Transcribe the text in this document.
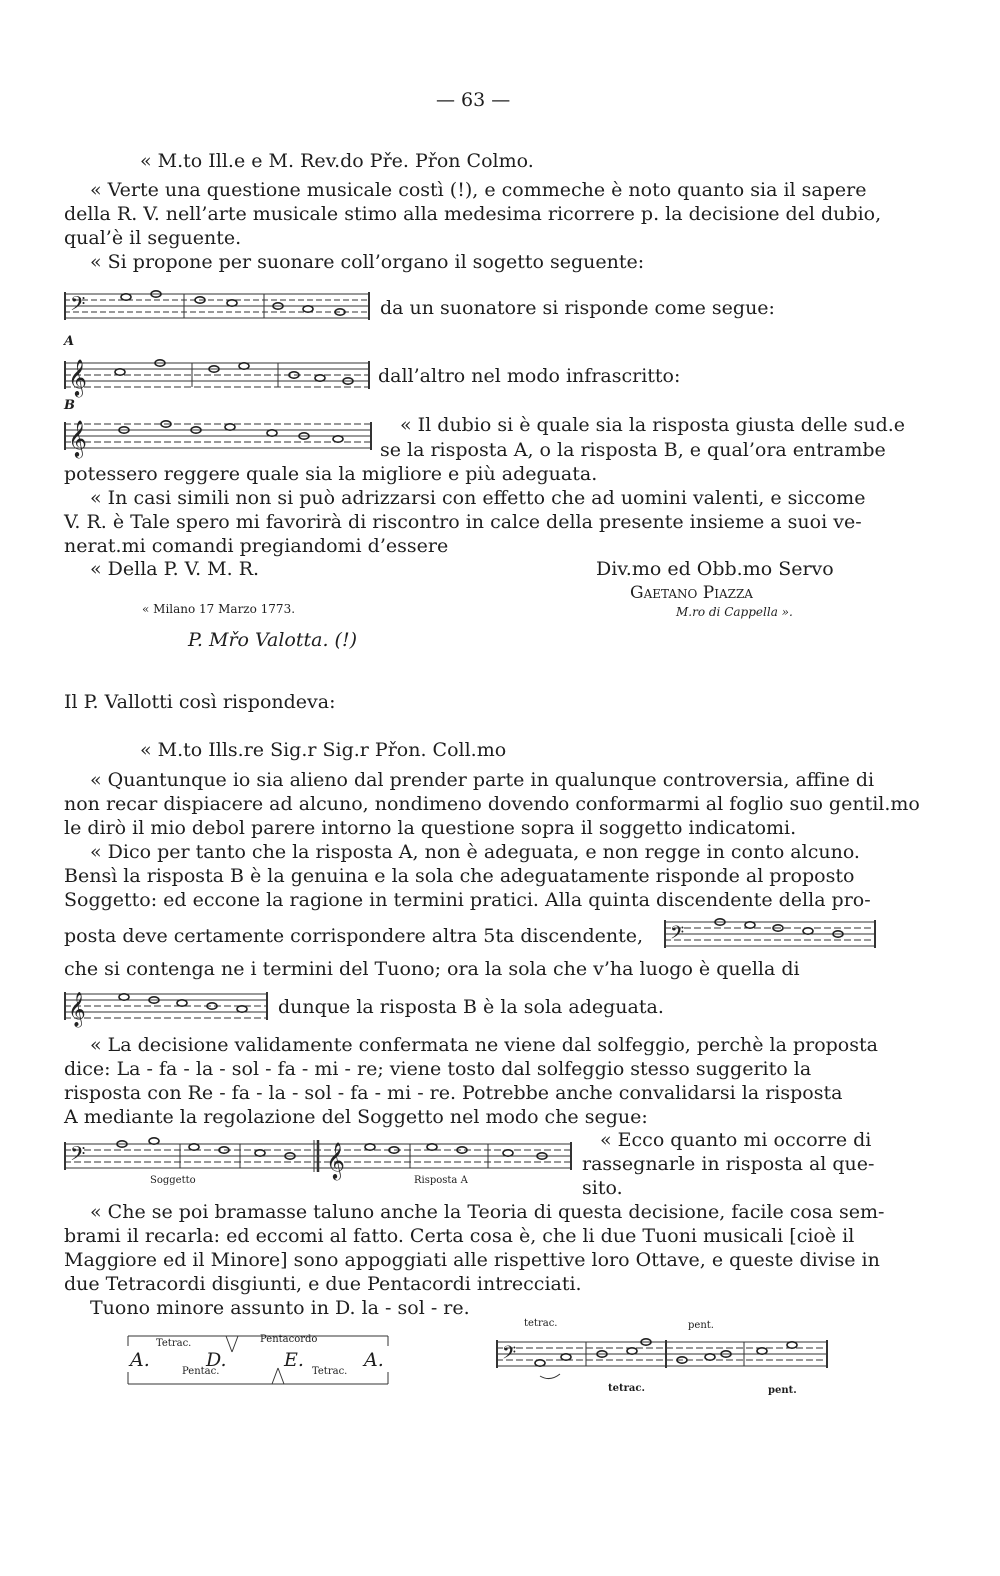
— 63 —
« M.to Ill.e e M. Rev.do Pře. Přon Colmo.
« Verte una questione musicale costì (!), e commeche è noto quanto sia il sapere
della R. V. nell’arte musicale stimo alla medesima ricorrere p. la decisione del dubio,
qual’è il seguente.
« Si propone per suonare coll’organo il sogetto seguente:
𝄢	da un suonatore si risponde come segue:
A
𝄞	dall’altro nel modo infrascritto:
B
𝄞	« Il dubio si è quale sia la risposta giusta delle sud.e
se la risposta A, o la risposta B, e qual’ora entrambe
potessero reggere quale sia la migliore e più adeguata.
« In casi simili non si può adrizzarsi con effetto che ad uomini valenti, e siccome
V. R. è Tale spero mi favorirà di riscontro in calce della presente insieme a suoi ve-
nerat.mi comandi pregiandomi d’essere
« Della P. V. M. R.	Div.mo ed Obb.mo Servo
Gaetano Piazza
« Milano 17 Marzo 1773.	M.ro di Cappella ».
P. Mřo Valotta. (!)
Il P. Vallotti così rispondeva:
« M.to Ills.re Sig.r Sig.r Přon. Coll.mo
« Quantunque io sia alieno dal prender parte in qualunque controversia, affine di
non recar dispiacere ad alcuno, nondimeno dovendo conformarmi al foglio suo gentil.mo
le dirò il mio debol parere intorno la questione sopra il soggetto indicatomi.
« Dico per tanto che la risposta A, non è adeguata, e non regge in conto alcuno.
Bensì la risposta B è la genuina e la sola che adeguatamente risponde al proposto
Soggetto: ed eccone la ragione in termini pratici. Alla quinta discendente della pro-
posta deve certamente corrispondere altra 5ta discendente, 𝄢
che si contenga ne i termini del Tuono; ora la sola che v’ha luogo è quella di
𝄞	dunque la risposta B è la sola adeguata.
« La decisione validamente confermata ne viene dal solfeggio, perchè la proposta
dice: La - fa - la - sol - fa - mi - re; viene tosto dal solfeggio stesso suggerito la
risposta con Re - fa - la - sol - fa - mi - re. Potrebbe anche convalidarsi la risposta
A mediante la regolazione del Soggetto nel modo che segue:
𝄢	𝄞
Soggetto	Risposta A
« Ecco quanto mi occorre di
rassegnarle in risposta al que-
sito.
« Che se poi bramasse taluno anche la Teoria di questa decisione, facile cosa sem-
brami il recarla: ed eccomi al fatto. Certa cosa è, che li due Tuoni musicali [cioè il
Maggiore ed il Minore] sono appoggiati alle rispettive loro Ottave, e queste divise in
due Tetracordi disgiunti, e due Pentacordi intrecciati.
Tuono minore assunto in D. la - sol - re.
Tetrac.	Pentacordo
A.	D.	E.	A.
Pentac.	Tetrac.
tetrac.	pent.
𝄢
tetrac.	pent.
